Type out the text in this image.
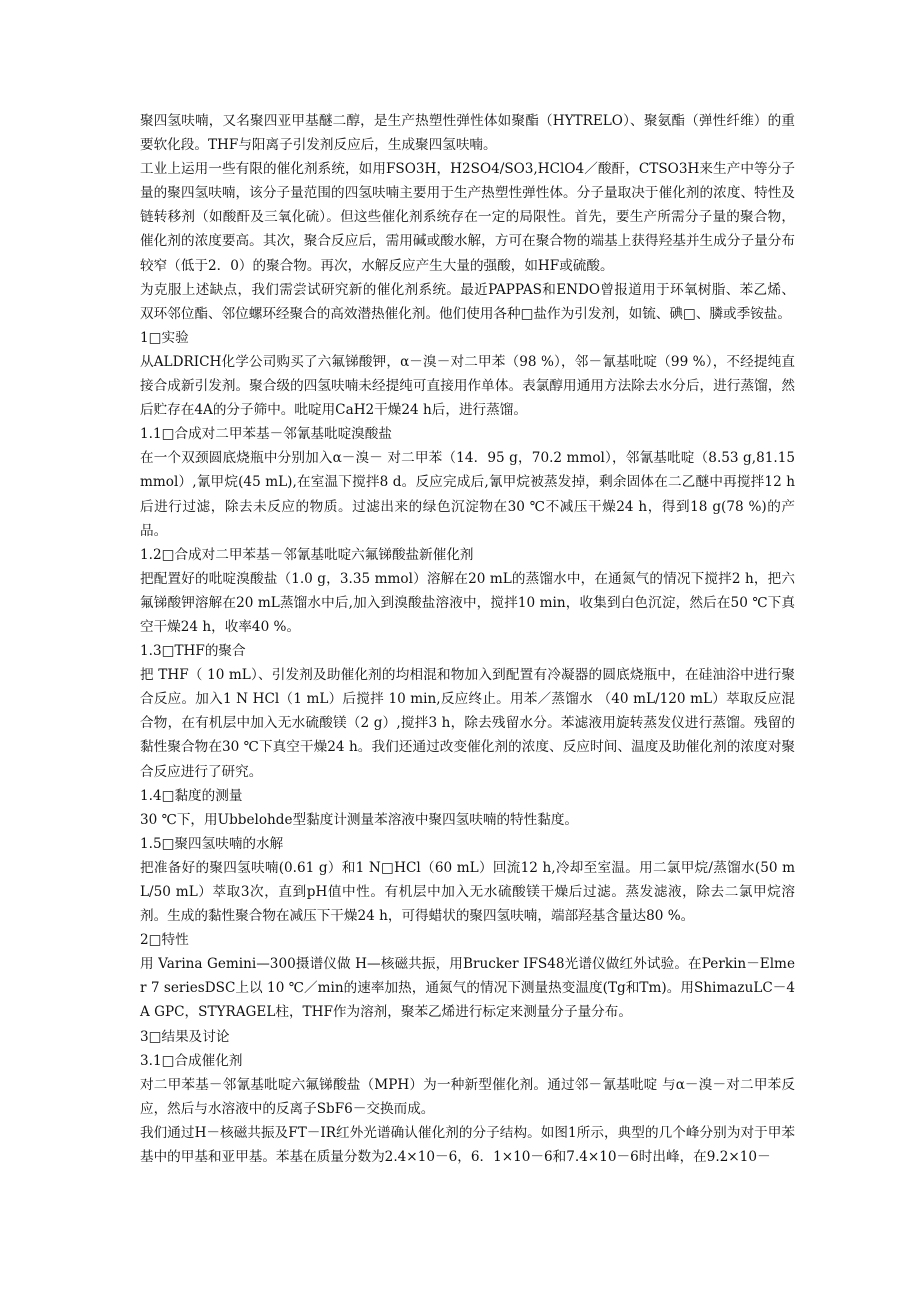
聚四氢呋喃，又名聚四亚甲基醚二醇，是生产热塑性弹性体如聚酯（HYTRELO）、聚氨酯（弹性纤维）的重要软化段。THF与阳离子引发剂反应后，生成聚四氢呋喃。

工业上运用一些有限的催化剂系统，如用FSO3H，H2SO4/SO3,HClO4／酸酐，CTSO3H来生产中等分子量的聚四氢呋喃，该分子量范围的四氢呋喃主要用于生产热塑性弹性体。分子量取决于催化剂的浓度、特性及链转移剂（如酸酐及三氧化硫）。但这些催化剂系统存在一定的局限性。首先，要生产所需分子量的聚合物，催化剂的浓度要高。其次，聚合反应后，需用碱或酸水解，方可在聚合物的端基上获得羟基并生成分子量分布较窄（低于2．0）的聚合物。再次，水解反应产生大量的强酸，如HF或硫酸。

为克服上述缺点，我们需尝试研究新的催化剂系统。最近PAPPAS和ENDO曾报道用于环氧树脂、苯乙烯、双环邻位酯、邻位螺环经聚合的高效潜热催化剂。他们使用各种□盐作为引发剂，如锍、碘□、膦或季铵盐。

1□实验

从ALDRICH化学公司购买了六氟锑酸钾，α－溴－对二甲苯（98 %），邻－氰基吡啶（99 %），不经提纯直接合成新引发剂。聚合级的四氢呋喃未经提纯可直接用作单体。表氯醇用通用方法除去水分后，进行蒸馏，然后贮存在4A的分子筛中。吡啶用CaH2干燥24 h后，进行蒸馏。

1.1□合成对二甲苯基－邻氰基吡啶溴酸盐

在一个双颈圆底烧瓶中分别加入α－溴－ 对二甲苯（14．95 g，70.2 mmol），邻氰基吡啶（8.53 g,81.15 mmol）,氰甲烷(45 mL),在室温下搅拌8 d。反应完成后,氰甲烷被蒸发掉，剩余固体在二乙醚中再搅拌12 h后进行过滤，除去未反应的物质。过滤出来的绿色沉淀物在30 ℃不减压干燥24 h，得到18 g(78 %)的产品。

1.2□合成对二甲苯基－邻氰基吡啶六氟锑酸盐新催化剂

把配置好的吡啶溴酸盐（1.0 g，3.35 mmol）溶解在20 mL的蒸馏水中，在通氮气的情况下搅拌2 h，把六氟锑酸钾溶解在20 mL蒸馏水中后,加入到溴酸盐溶液中，搅拌10 min，收集到白色沉淀，然后在50 ℃下真空干燥24 h，收率40 %。

1.3□THF的聚合

把 THF（ 10 mL）、引发剂及助催化剂的均相混和物加入到配置有冷凝器的圆底烧瓶中，在硅油浴中进行聚合反应。加入1 N HCl（1 mL）后搅拌 10 min,反应终止。用苯／蒸馏水 （40 mL/120 mL）萃取反应混合物，在有机层中加入无水硫酸镁（2 g）,搅拌3 h，除去残留水分。苯滤液用旋转蒸发仪进行蒸馏。残留的黏性聚合物在30 ℃下真空干燥24 h。我们还通过改变催化剂的浓度、反应时间、温度及助催化剂的浓度对聚合反应进行了研究。

1.4□黏度的测量

30 ℃下，用Ubbelohde型黏度计测量苯溶液中聚四氢呋喃的特性黏度。

1.5□聚四氢呋喃的水解

把准备好的聚四氢呋喃(0.61 g）和1 N□HCl（60 mL）回流12 h,冷却至室温。用二氯甲烷/蒸馏水(50 mL/50 mL）萃取3次，直到pH值中性。有机层中加入无水硫酸镁干燥后过滤。蒸发滤液，除去二氯甲烷溶剂。生成的黏性聚合物在减压下干燥24 h，可得蜡状的聚四氢呋喃，端部羟基含量达80 %。

2□特性

用 Varina Gemini—300摄谱仪做 H—核磁共振，用Brucker IFS48光谱仪做红外试验。在Perkin－Elmer 7 seriesDSC上以 10 ℃／min的速率加热，通氮气的情况下测量热变温度(Tg和Tm)。用ShimazuLC－4A GPC，STYRAGEL柱，THF作为溶剂，聚苯乙烯进行标定来测量分子量分布。

3□结果及讨论
3.1□合成催化剂

对二甲苯基－邻氰基吡啶六氟锑酸盐（MPH）为一种新型催化剂。通过邻－氰基吡啶 与α－溴－对二甲苯反应，然后与水溶液中的反离子SbF6－交换而成。

我们通过H－核磁共振及FT－IR红外光谱确认催化剂的分子结构。如图1所示，典型的几个峰分别为对于甲苯基中的甲基和亚甲基。苯基在质量分数为2.4×10－6，6．1×10－6和7.4×10－6时出峰，在9.2×10－
